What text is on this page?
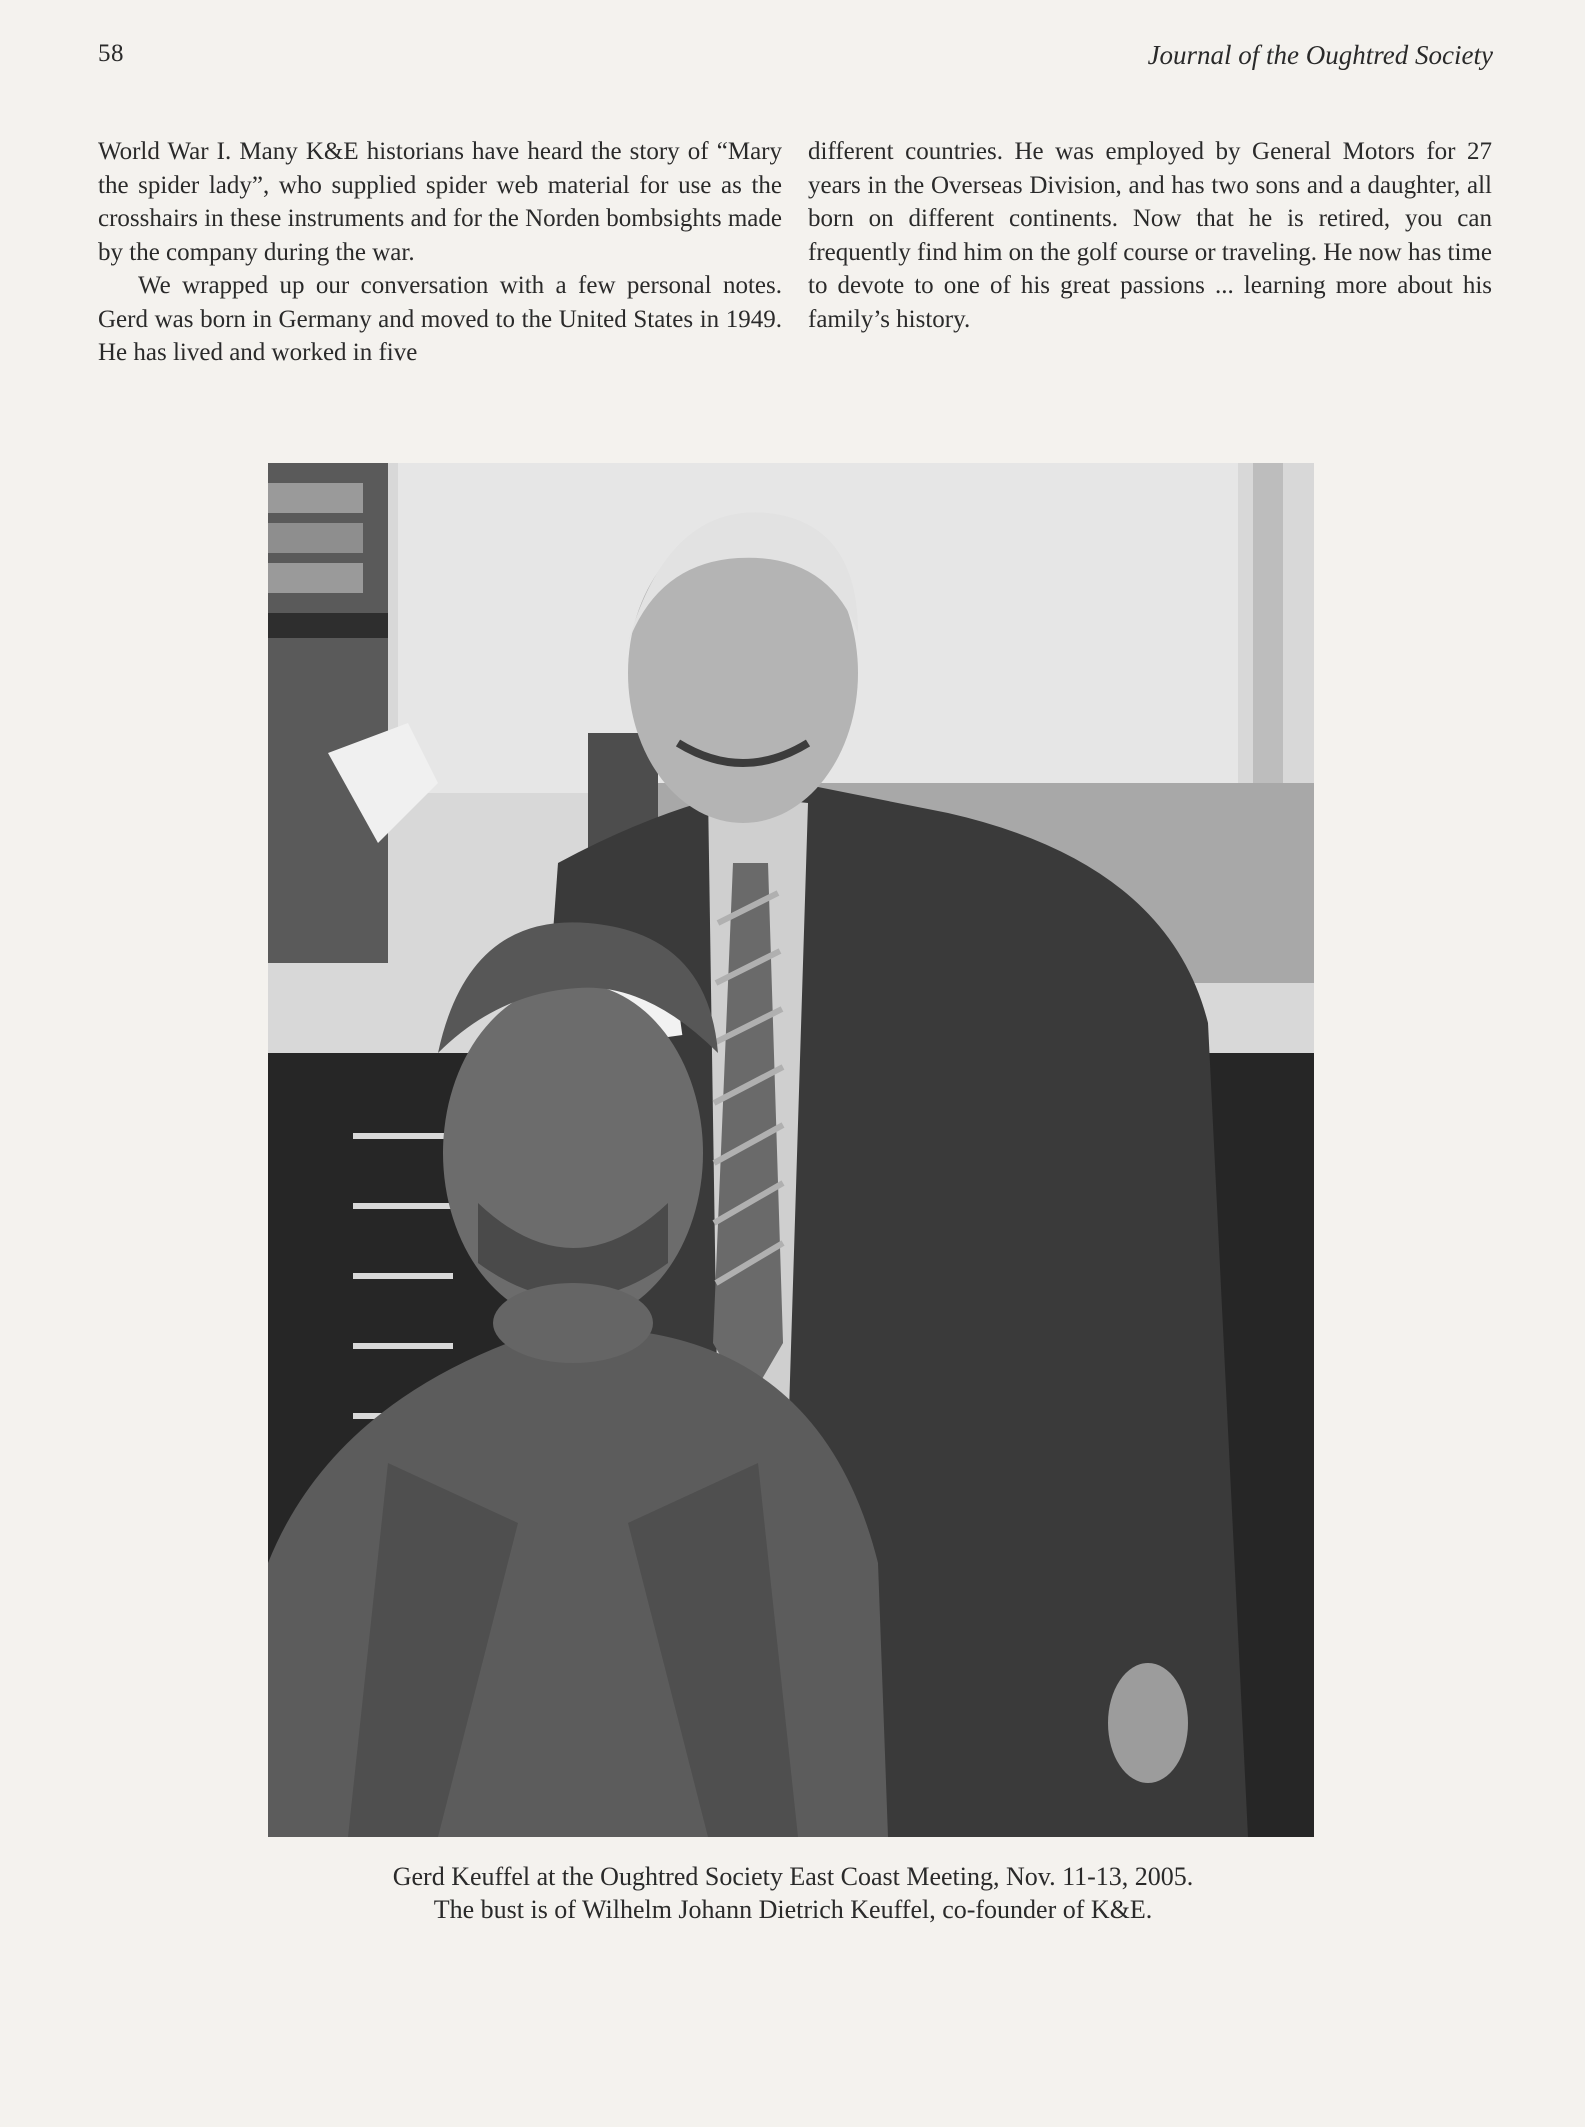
58	Journal of the Oughtred Society

World War I. Many K&E historians have heard the story of “Mary the spider lady”, who supplied spider web material for use as the crosshairs in these instruments and for the Norden bombsights made by the company during the war.

We wrapped up our conversation with a few personal notes. Gerd was born in Germany and moved to the United States in 1949. He has lived and worked in five

different countries. He was employed by General Motors for 27 years in the Overseas Division, and has two sons and a daughter, all born on different continents. Now that he is retired, you can frequently find him on the golf course or traveling. He now has time to devote to one of his great passions ... learning more about his family’s history.

Gerd Keuffel at the Oughtred Society East Coast Meeting, Nov. 11-13, 2005.
The bust is of Wilhelm Johann Dietrich Keuffel, co-founder of K&E.
